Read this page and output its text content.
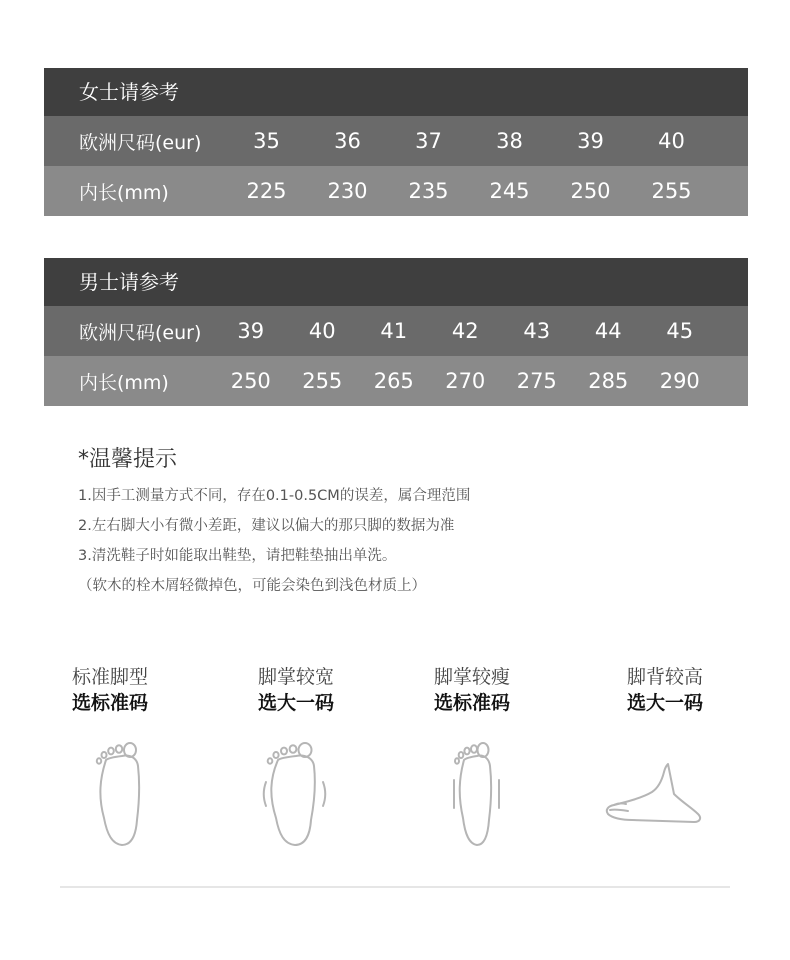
女士请参考
欧洲尺码(eur)	35	36	37	38	39	40
内长(mm)	225	230	235	245	250	255
男士请参考
欧洲尺码(eur)	39	40	41	42	43	44	45
内长(mm)	250	255	265	270	275	285	290
*温馨提示
1.因手工测量方式不同，存在0.1-0.5CM的误差，属合理范围
2.左右脚大小有微小差距，建议以偏大的那只脚的数据为准
3.清洗鞋子时如能取出鞋垫，请把鞋垫抽出单洗。
（软木的栓木屑轻微掉色，可能会染色到浅色材质上）
标准脚型
选标准码
脚掌较宽
选大一码
脚掌较瘦
选标准码
脚背较高
选大一码
